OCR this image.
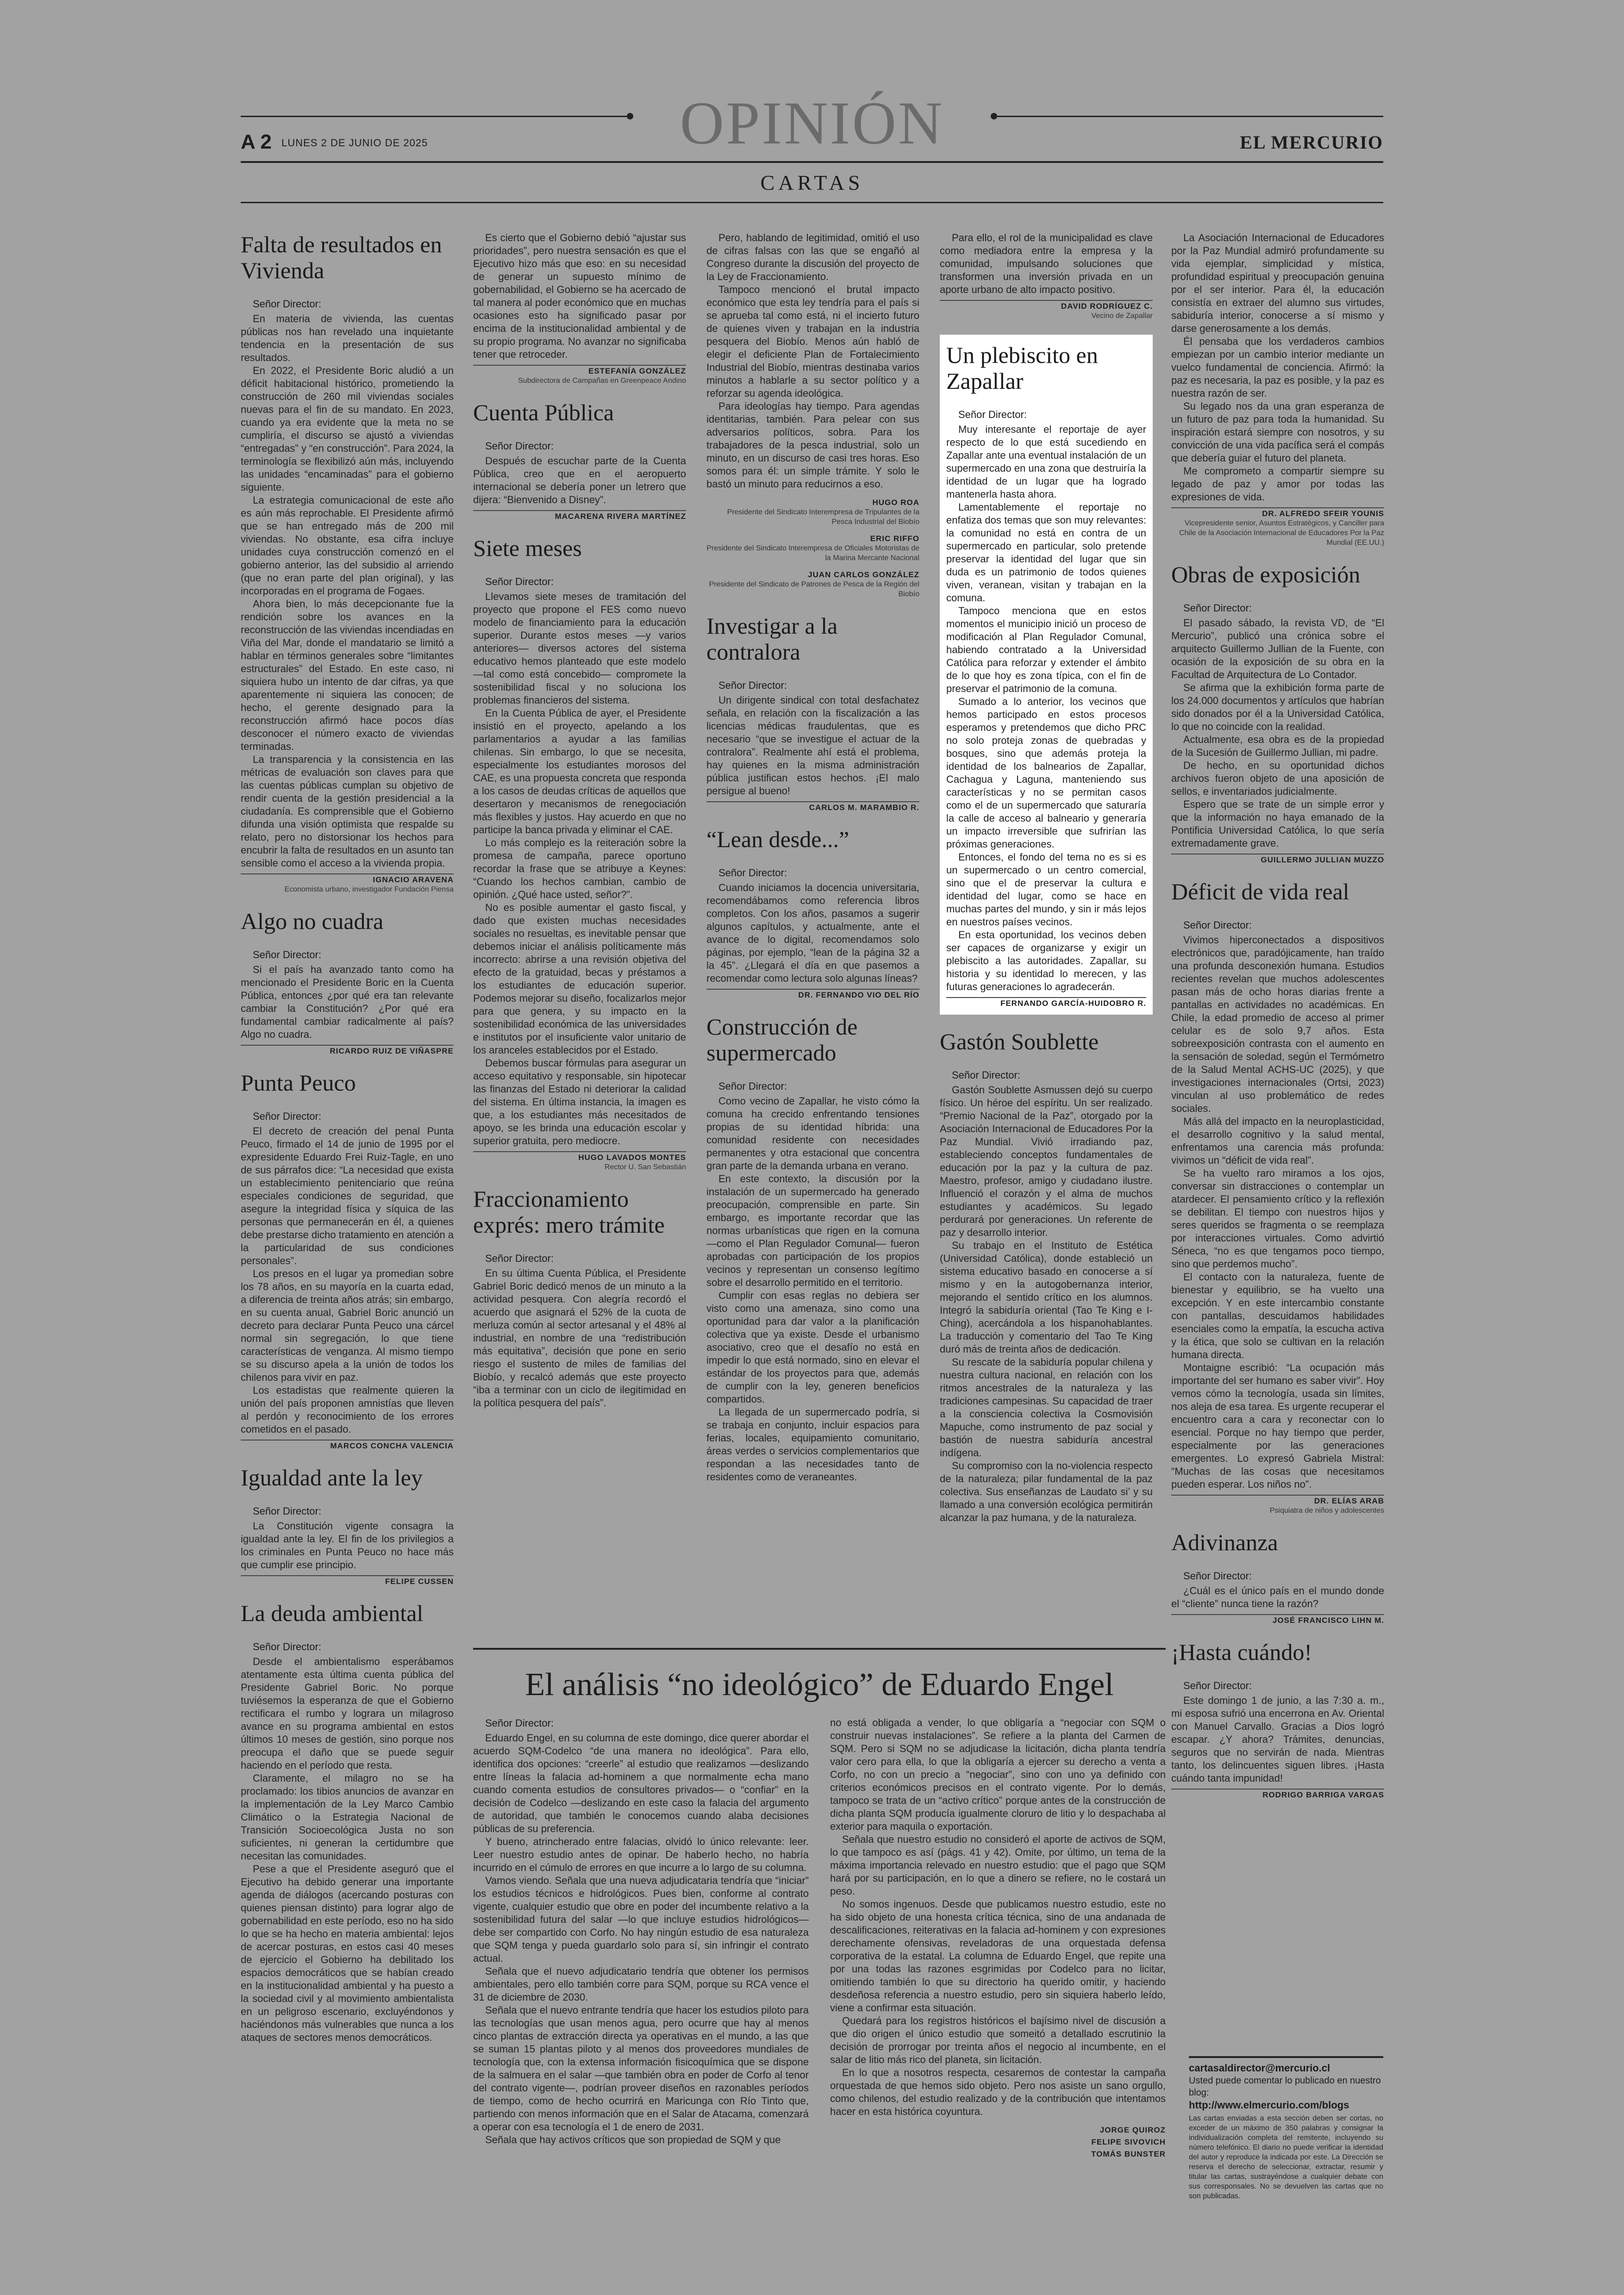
OPINIÓN
A 2 LUNES 2 DE JUNIO DE 2025	EL MERCURIO
CARTAS
Falta de resultados en Vivienda
Señor Director:

En materia de vivienda, las cuentas públicas nos han revelado una inquietante tendencia en la presentación de sus resultados.

En 2022, el Presidente Boric aludió a un déficit habitacional histórico, prometiendo la construcción de 260 mil viviendas sociales nuevas para el fin de su mandato. En 2023, cuando ya era evidente que la meta no se cumpliría, el discurso se ajustó a viviendas “entregadas” y “en construcción”. Para 2024, la terminología se flexibilizó aún más, incluyendo las unidades “encaminadas” para el gobierno siguiente.

La estrategia comunicacional de este año es aún más reprochable. El Presidente afirmó que se han entregado más de 200 mil viviendas. No obstante, esa cifra incluye unidades cuya construcción comenzó en el gobierno anterior, las del subsidio al arriendo (que no eran parte del plan original), y las incorporadas en el programa de Fogaes.

Ahora bien, lo más decepcionante fue la rendición sobre los avances en la reconstrucción de las viviendas incendiadas en Viña del Mar, donde el mandatario se limitó a hablar en términos generales sobre “limitantes estructurales” del Estado. En este caso, ni siquiera hubo un intento de dar cifras, ya que aparentemente ni siquiera las conocen; de hecho, el gerente designado para la reconstrucción afirmó hace pocos días desconocer el número exacto de viviendas terminadas.

La transparencia y la consistencia en las métricas de evaluación son claves para que las cuentas públicas cumplan su objetivo de rendir cuenta de la gestión presidencial a la ciudadanía. Es comprensible que el Gobierno difunda una visión optimista que respalde su relato, pero no distorsionar los hechos para encubrir la falta de resultados en un asunto tan sensible como el acceso a la vivienda propia.

IGNACIO ARAVENA
Economista urbano, investigador Fundación Piensa
Algo no cuadra
Señor Director:

Si el país ha avanzado tanto como ha mencionado el Presidente Boric en la Cuenta Pública, entonces ¿por qué era tan relevante cambiar la Constitución? ¿Por qué era fundamental cambiar radicalmente al país? Algo no cuadra.

RICARDO RUIZ DE VIÑASPRE
Punta Peuco
Señor Director:

El decreto de creación del penal Punta Peuco, firmado el 14 de junio de 1995 por el expresidente Eduardo Frei Ruiz-Tagle, en uno de sus párrafos dice: “La necesidad que exista un establecimiento penitenciario que reúna especiales condiciones de seguridad, que asegure la integridad física y síquica de las personas que permanecerán en él, a quienes debe prestarse dicho tratamiento en atención a la particularidad de sus condiciones personales”.

Los presos en el lugar ya promedian sobre los 78 años, en su mayoría en la cuarta edad, a diferencia de treinta años atrás; sin embargo, en su cuenta anual, Gabriel Boric anunció un decreto para declarar Punta Peuco una cárcel normal sin segregación, lo que tiene características de venganza. Al mismo tiempo se su discurso apela a la unión de todos los chilenos para vivir en paz.

Los estadistas que realmente quieren la unión del país proponen amnistías que lleven al perdón y reconocimiento de los errores cometidos en el pasado.

MARCOS CONCHA VALENCIA
Igualdad ante la ley
Señor Director:

La Constitución vigente consagra la igualdad ante la ley. El fin de los privilegios a los criminales en Punta Peuco no hace más que cumplir ese principio.

FELIPE CUSSEN
La deuda ambiental
Señor Director:

Desde el ambientalismo esperábamos atentamente esta última cuenta pública del Presidente Gabriel Boric. No porque tuviésemos la esperanza de que el Gobierno rectificara el rumbo y lograra un milagroso avance en su programa ambiental en estos últimos 10 meses de gestión, sino porque nos preocupa el daño que se puede seguir haciendo en el período que resta.

Claramente, el milagro no se ha proclamado: los tibios anuncios de avanzar en la implementación de la Ley Marco Cambio Climático o la Estrategia Nacional de Transición Socioecológica Justa no son suficientes, ni generan la certidumbre que necesitan las comunidades.

Pese a que el Presidente aseguró que el Ejecutivo ha debido generar una importante agenda de diálogos (acercando posturas con quienes piensan distinto) para lograr algo de gobernabilidad en este período, eso no ha sido lo que se ha hecho en materia ambiental: lejos de acercar posturas, en estos casi 40 meses de ejercicio el Gobierno ha debilitado los espacios democráticos que se habían creado en la institucionalidad ambiental y ha puesto a la sociedad civil y al movimiento ambientalista en un peligroso escenario, excluyéndonos y haciéndonos más vulnerables que nunca a los ataques de sectores menos democráticos.

Es cierto que el Gobierno debió “ajustar sus prioridades”, pero nuestra sensación es que el Ejecutivo hizo más que eso: en su necesidad de generar un supuesto mínimo de gobernabilidad, el Gobierno se ha acercado de tal manera al poder económico que en muchas ocasiones esto ha significado pasar por encima de la institucionalidad ambiental y de su propio programa. No avanzar no significaba tener que retroceder.

ESTEFANÍA GONZÁLEZ
Subdirectora de Campañas en Greenpeace Andino
Cuenta Pública
Señor Director:

Después de escuchar parte de la Cuenta Pública, creo que en el aeropuerto internacional se debería poner un letrero que dijera: “Bienvenido a Disney”.

MACARENA RIVERA MARTÍNEZ
Siete meses
Señor Director:

Llevamos siete meses de tramitación del proyecto que propone el FES como nuevo modelo de financiamiento para la educación superior. Durante estos meses —y varios anteriores— diversos actores del sistema educativo hemos planteado que este modelo —tal como está concebido— compromete la sostenibilidad fiscal y no soluciona los problemas financieros del sistema.

En la Cuenta Pública de ayer, el Presidente insistió en el proyecto, apelando a los parlamentarios a ayudar a las familias chilenas. Sin embargo, lo que se necesita, especialmente los estudiantes morosos del CAE, es una propuesta concreta que responda a los casos de deudas críticas de aquellos que desertaron y mecanismos de renegociación más flexibles y justos. Hay acuerdo en que no participe la banca privada y eliminar el CAE.

Lo más complejo es la reiteración sobre la promesa de campaña, parece oportuno recordar la frase que se atribuye a Keynes: “Cuando los hechos cambian, cambio de opinión. ¿Qué hace usted, señor?”.

No es posible aumentar el gasto fiscal, y dado que existen muchas necesidades sociales no resueltas, es inevitable pensar que debemos iniciar el análisis políticamente más incorrecto: abrirse a una revisión objetiva del efecto de la gratuidad, becas y préstamos a los estudiantes de educación superior. Podemos mejorar su diseño, focalizarlos mejor para que genera, y su impacto en la sostenibilidad económica de las universidades e institutos por el insuficiente valor unitario de los aranceles establecidos por el Estado.

Debemos buscar fórmulas para asegurar un acceso equitativo y responsable, sin hipotecar las finanzas del Estado ni deteriorar la calidad del sistema. En última instancia, la imagen es que, a los estudiantes más necesitados de apoyo, se les brinda una educación escolar y superior gratuita, pero mediocre.

HUGO LAVADOS MONTES
Rector U. San Sebastián
Fraccionamiento exprés: mero trámite
Señor Director:

En su última Cuenta Pública, el Presidente Gabriel Boric dedicó menos de un minuto a la actividad pesquera. Con alegría recordó el acuerdo que asignará el 52% de la cuota de merluza común al sector artesanal y el 48% al industrial, en nombre de una “redistribución más equitativa”, decisión que pone en serio riesgo el sustento de miles de familias del Biobío, y recalcó además que este proyecto “iba a terminar con un ciclo de ilegitimidad en la política pesquera del país”.

Pero, hablando de legitimidad, omitió el uso de cifras falsas con las que se engañó al Congreso durante la discusión del proyecto de la Ley de Fraccionamiento.

Tampoco mencionó el brutal impacto económico que esta ley tendría para el país si se aprueba tal como está, ni el incierto futuro de quienes viven y trabajan en la industria pesquera del Biobío. Menos aún habló de elegir el deficiente Plan de Fortalecimiento Industrial del Biobío, mientras destinaba varios minutos a hablarle a su sector político y a reforzar su agenda ideológica.

Para ideologías hay tiempo. Para agendas identitarias, también. Para pelear con sus adversarios políticos, sobra. Para los trabajadores de la pesca industrial, solo un minuto, en un discurso de casi tres horas. Eso somos para él: un simple trámite. Y solo le bastó un minuto para reducirnos a eso.

HUGO ROA
Presidente del Sindicato Interempresa de Tripulantes de la Pesca Industrial del Biobío
ERIC RIFFO
Presidente del Sindicato Interempresa de Oficiales Motoristas de la Marina Mercante Nacional
JUAN CARLOS GONZÁLEZ
Presidente del Sindicato de Patrones de Pesca de la Región del Biobío
Investigar a la contralora
Señor Director:

Un dirigente sindical con total desfachatez señala, en relación con la fiscalización a las licencias médicas fraudulentas, que es necesario “que se investigue el actuar de la contralora”. Realmente ahí está el problema, hay quienes en la misma administración pública justifican estos hechos. ¡El malo persigue al bueno!

CARLOS M. MARAMBIO R.
“Lean desde...”
Señor Director:

Cuando iniciamos la docencia universitaria, recomendábamos como referencia libros completos. Con los años, pasamos a sugerir algunos capítulos, y actualmente, ante el avance de lo digital, recomendamos solo páginas, por ejemplo, “lean de la página 32 a la 45”. ¿Llegará el día en que pasemos a recomendar como lectura solo algunas líneas?

DR. FERNANDO VIO DEL RÍO
Construcción de supermercado
Señor Director:

Como vecino de Zapallar, he visto cómo la comuna ha crecido enfrentando tensiones propias de su identidad híbrida: una comunidad residente con necesidades permanentes y otra estacional que concentra gran parte de la demanda urbana en verano.

En este contexto, la discusión por la instalación de un supermercado ha generado preocupación, comprensible en parte. Sin embargo, es importante recordar que las normas urbanísticas que rigen en la comuna —como el Plan Regulador Comunal— fueron aprobadas con participación de los propios vecinos y representan un consenso legítimo sobre el desarrollo permitido en el territorio.

Cumplir con esas reglas no debiera ser visto como una amenaza, sino como una oportunidad para dar valor a la planificación colectiva que ya existe. Desde el urbanismo asociativo, creo que el desafío no está en impedir lo que está normado, sino en elevar el estándar de los proyectos para que, además de cumplir con la ley, generen beneficios compartidos.

La llegada de un supermercado podría, si se trabaja en conjunto, incluir espacios para ferias, locales, equipamiento comunitario, áreas verdes o servicios complementarios que respondan a las necesidades tanto de residentes como de veraneantes.

Para ello, el rol de la municipalidad es clave como mediadora entre la empresa y la comunidad, impulsando soluciones que transformen una inversión privada en un aporte urbano de alto impacto positivo.

DAVID RODRÍGUEZ C.
Vecino de Zapallar
Un plebiscito en Zapallar
Señor Director:

Muy interesante el reportaje de ayer respecto de lo que está sucediendo en Zapallar ante una eventual instalación de un supermercado en una zona que destruiría la identidad de un lugar que ha logrado mantenerla hasta ahora.

Lamentablemente el reportaje no enfatiza dos temas que son muy relevantes: la comunidad no está en contra de un supermercado en particular, solo pretende preservar la identidad del lugar que sin duda es un patrimonio de todos quienes viven, veranean, visitan y trabajan en la comuna.

Tampoco menciona que en estos momentos el municipio inició un proceso de modificación al Plan Regulador Comunal, habiendo contratado a la Universidad Católica para reforzar y extender el ámbito de lo que hoy es zona típica, con el fin de preservar el patrimonio de la comuna.

Sumado a lo anterior, los vecinos que hemos participado en estos procesos esperamos y pretendemos que dicho PRC no solo proteja zonas de quebradas y bosques, sino que además proteja la identidad de los balnearios de Zapallar, Cachagua y Laguna, manteniendo sus características y no se permitan casos como el de un supermercado que saturaría la calle de acceso al balneario y generaría un impacto irreversible que sufrirían las próximas generaciones.

Entonces, el fondo del tema no es si es un supermercado o un centro comercial, sino que el de preservar la cultura e identidad del lugar, como se hace en muchas partes del mundo, y sin ir más lejos en nuestros países vecinos.

En esta oportunidad, los vecinos deben ser capaces de organizarse y exigir un plebiscito a las autoridades. Zapallar, su historia y su identidad lo merecen, y las futuras generaciones lo agradecerán.

FERNANDO GARCÍA-HUIDOBRO R.
Gastón Soublette
Señor Director:

Gastón Soublette Asmussen dejó su cuerpo físico. Un héroe del espíritu. Un ser realizado. “Premio Nacional de la Paz”, otorgado por la Asociación Internacional de Educadores Por la Paz Mundial. Vivió irradiando paz, estableciendo conceptos fundamentales de educación por la paz y la cultura de paz. Maestro, profesor, amigo y ciudadano ilustre. Influenció el corazón y el alma de muchos estudiantes y académicos. Su legado perdurará por generaciones. Un referente de paz y desarrollo interior.

Su trabajo en el Instituto de Estética (Universidad Católica), donde estableció un sistema educativo basado en conocerse a sí mismo y en la autogobernanza interior, mejorando el sentido crítico en los alumnos. Integró la sabiduría oriental (Tao Te King e I-Ching), acercándola a los hispanohablantes. La traducción y comentario del Tao Te King duró más de treinta años de dedicación.

Su rescate de la sabiduría popular chilena y nuestra cultura nacional, en relación con los ritmos ancestrales de la naturaleza y las tradiciones campesinas. Su capacidad de traer a la consciencia colectiva la Cosmovisión Mapuche, como instrumento de paz social y bastión de nuestra sabiduría ancestral indígena.

Su compromiso con la no-violencia respecto de la naturaleza; pilar fundamental de la paz colectiva. Sus enseñanzas de Laudato si’ y su llamado a una conversión ecológica permitirán alcanzar la paz humana, y de la naturaleza.

La Asociación Internacional de Educadores por la Paz Mundial admiró profundamente su vida ejemplar, simplicidad y mística, profundidad espiritual y preocupación genuina por el ser interior. Para él, la educación consistía en extraer del alumno sus virtudes, sabiduría interior, conocerse a sí mismo y darse generosamente a los demás.

Él pensaba que los verdaderos cambios empiezan por un cambio interior mediante un vuelco fundamental de conciencia. Afirmó: la paz es necesaria, la paz es posible, y la paz es nuestra razón de ser.

Su legado nos da una gran esperanza de un futuro de paz para toda la humanidad. Su inspiración estará siempre con nosotros, y su convicción de una vida pacífica será el compás que debería guiar el futuro del planeta.

Me comprometo a compartir siempre su legado de paz y amor por todas las expresiones de vida.

DR. ALFREDO SFEIR YOUNIS
Vicepresidente senior, Asuntos Estratégicos, y Canciller para Chile de la Asociación Internacional de Educadores Por la Paz Mundial (EE.UU.)
Obras de exposición
Señor Director:

El pasado sábado, la revista VD, de “El Mercurio”, publicó una crónica sobre el arquitecto Guillermo Jullian de la Fuente, con ocasión de la exposición de su obra en la Facultad de Arquitectura de Lo Contador.

Se afirma que la exhibición forma parte de los 24.000 documentos y artículos que habrían sido donados por él a la Universidad Católica, lo que no coincide con la realidad.

Actualmente, esa obra es de la propiedad de la Sucesión de Guillermo Jullian, mi padre.

De hecho, en su oportunidad dichos archivos fueron objeto de una aposición de sellos, e inventariados judicialmente.

Espero que se trate de un simple error y que la información no haya emanado de la Pontificia Universidad Católica, lo que sería extremadamente grave.

GUILLERMO JULLIAN MUZZO
Déficit de vida real
Señor Director:

Vivimos hiperconectados a dispositivos electrónicos que, paradójicamente, han traído una profunda desconexión humana. Estudios recientes revelan que muchos adolescentes pasan más de ocho horas diarias frente a pantallas en actividades no académicas. En Chile, la edad promedio de acceso al primer celular es de solo 9,7 años. Esta sobreexposición contrasta con el aumento en la sensación de soledad, según el Termómetro de la Salud Mental ACHS-UC (2025), y que investigaciones internacionales (Ortsi, 2023) vinculan al uso problemático de redes sociales.

Más allá del impacto en la neuroplasticidad, el desarrollo cognitivo y la salud mental, enfrentamos una carencia más profunda: vivimos un “déficit de vida real”.

Se ha vuelto raro miramos a los ojos, conversar sin distracciones o contemplar un atardecer. El pensamiento crítico y la reflexión se debilitan. El tiempo con nuestros hijos y seres queridos se fragmenta o se reemplaza por interacciones virtuales. Como advirtió Séneca, “no es que tengamos poco tiempo, sino que perdemos mucho”.

El contacto con la naturaleza, fuente de bienestar y equilibrio, se ha vuelto una excepción. Y en este intercambio constante con pantallas, descuidamos habilidades esenciales como la empatía, la escucha activa y la ética, que solo se cultivan en la relación humana directa.

Montaigne escribió: “La ocupación más importante del ser humano es saber vivir”. Hoy vemos cómo la tecnología, usada sin límites, nos aleja de esa tarea. Es urgente recuperar el encuentro cara a cara y reconectar con lo esencial. Porque no hay tiempo que perder, especialmente por las generaciones emergentes. Lo expresó Gabriela Mistral: “Muchas de las cosas que necesitamos pueden esperar. Los niños no”.

DR. ELÍAS ARAB
Psiquiatra de niños y adolescentes
Adivinanza
Señor Director:

¿Cuál es el único país en el mundo donde el “cliente” nunca tiene la razón?

JOSÉ FRANCISCO LIHN M.
¡Hasta cuándo!
Señor Director:

Este domingo 1 de junio, a las 7:30 a. m., mi esposa sufrió una encerrona en Av. Oriental con Manuel Carvallo. Gracias a Dios logró escapar. ¿Y ahora? Trámites, denuncias, seguros que no servirán de nada. Mientras tanto, los delincuentes siguen libres. ¡Hasta cuándo tanta impunidad!

RODRIGO BARRIGA VARGAS
El análisis “no ideológico” de Eduardo Engel
Señor Director:

Eduardo Engel, en su columna de este domingo, dice querer abordar el acuerdo SQM-Codelco “de una manera no ideológica”. Para ello, identifica dos opciones: “creerle” al estudio que realizamos —deslizando entre líneas la falacia ad-hominem a que normalmente echa mano cuando comenta estudios de consultores privados— o “confiar” en la decisión de Codelco —deslizando en este caso la falacia del argumento de autoridad, que también le conocemos cuando alaba decisiones públicas de su preferencia.

Y bueno, atrincherado entre falacias, olvidó lo único relevante: leer. Leer nuestro estudio antes de opinar. De haberlo hecho, no habría incurrido en el cúmulo de errores en que incurre a lo largo de su columna.

Vamos viendo. Señala que una nueva adjudicataria tendría que “iniciar” los estudios técnicos e hidrológicos. Pues bien, conforme al contrato vigente, cualquier estudio que obre en poder del incumbente relativo a la sostenibilidad futura del salar —lo que incluye estudios hidrológicos— debe ser compartido con Corfo. No hay ningún estudio de esa naturaleza que SQM tenga y pueda guardarlo solo para sí, sin infringir el contrato actual.

Señala que el nuevo adjudicatario tendría que obtener los permisos ambientales, pero ello también corre para SQM, porque su RCA vence el 31 de diciembre de 2030.

Señala que el nuevo entrante tendría que hacer los estudios piloto para las tecnologías que usan menos agua, pero ocurre que hay al menos cinco plantas de extracción directa ya operativas en el mundo, a las que se suman 15 plantas piloto y al menos dos proveedores mundiales de tecnología que, con la extensa información fisicoquímica que se dispone de la salmuera en el salar —que también obra en poder de Corfo al tenor del contrato vigente—, podrían proveer diseños en razonables períodos de tiempo, como de hecho ocurrirá en Maricunga con Río Tinto que, partiendo con menos información que en el Salar de Atacama, comenzará a operar con esa tecnología el 1 de enero de 2031.

Señala que hay activos críticos que son propiedad de SQM y que

no está obligada a vender, lo que obligaría a “negociar con SQM o construir nuevas instalaciones”. Se refiere a la planta del Carmen de SQM. Pero si SQM no se adjudicase la licitación, dicha planta tendría valor cero para ella, lo que la obligaría a ejercer su derecho a venta a Corfo, no con un precio a “negociar”, sino con uno ya definido con criterios económicos precisos en el contrato vigente. Por lo demás, tampoco se trata de un “activo crítico” porque antes de la construcción de dicha planta SQM producía igualmente cloruro de litio y lo despachaba al exterior para maquila o exportación.

Señala que nuestro estudio no consideró el aporte de activos de SQM, lo que tampoco es así (págs. 41 y 42). Omite, por último, un tema de la máxima importancia relevado en nuestro estudio: que el pago que SQM hará por su participación, en lo que a dinero se refiere, no le costará un peso.

No somos ingenuos. Desde que publicamos nuestro estudio, este no ha sido objeto de una honesta crítica técnica, sino de una andanada de descalificaciones, reiterativas en la falacia ad-hominem y con expresiones derechamente ofensivas, reveladoras de una orquestada defensa corporativa de la estatal. La columna de Eduardo Engel, que repite una por una todas las razones esgrimidas por Codelco para no licitar, omitiendo también lo que su directorio ha querido omitir, y haciendo desdeñosa referencia a nuestro estudio, pero sin siquiera haberlo leído, viene a confirmar esta situación.

Quedará para los registros históricos el bajísimo nivel de discusión a que dio origen el único estudio que someitó a detallado escrutinio la decisión de prorrogar por treinta años el negocio al incumbente, en el salar de litio más rico del planeta, sin licitación.

En lo que a nosotros respecta, cesaremos de contestar la campaña orquestada de que hemos sido objeto. Pero nos asiste un sano orgullo, como chilenos, del estudio realizado y de la contribución que intentamos hacer en esta histórica coyuntura.

JORGE QUIROZ
FELIPE SIVOVICH
TOMÁS BUNSTER
cartasaldirector@mercurio.cl
Usted puede comentar lo publicado en nuestro blog:
http://www.elmercurio.com/blogs

Las cartas enviadas a esta sección deben ser cortas, no exceder de un máximo de 350 palabras y consignar la individualización completa del remitente, incluyendo su número telefónico. El diario no puede verificar la identidad del autor y reproduce la indicada por este. La Dirección se reserva el derecho de seleccionar, extractar, resumir y titular las cartas, sustrayéndose a cualquier debate con sus corresponsales. No se devuelven las cartas que no son publicadas.
